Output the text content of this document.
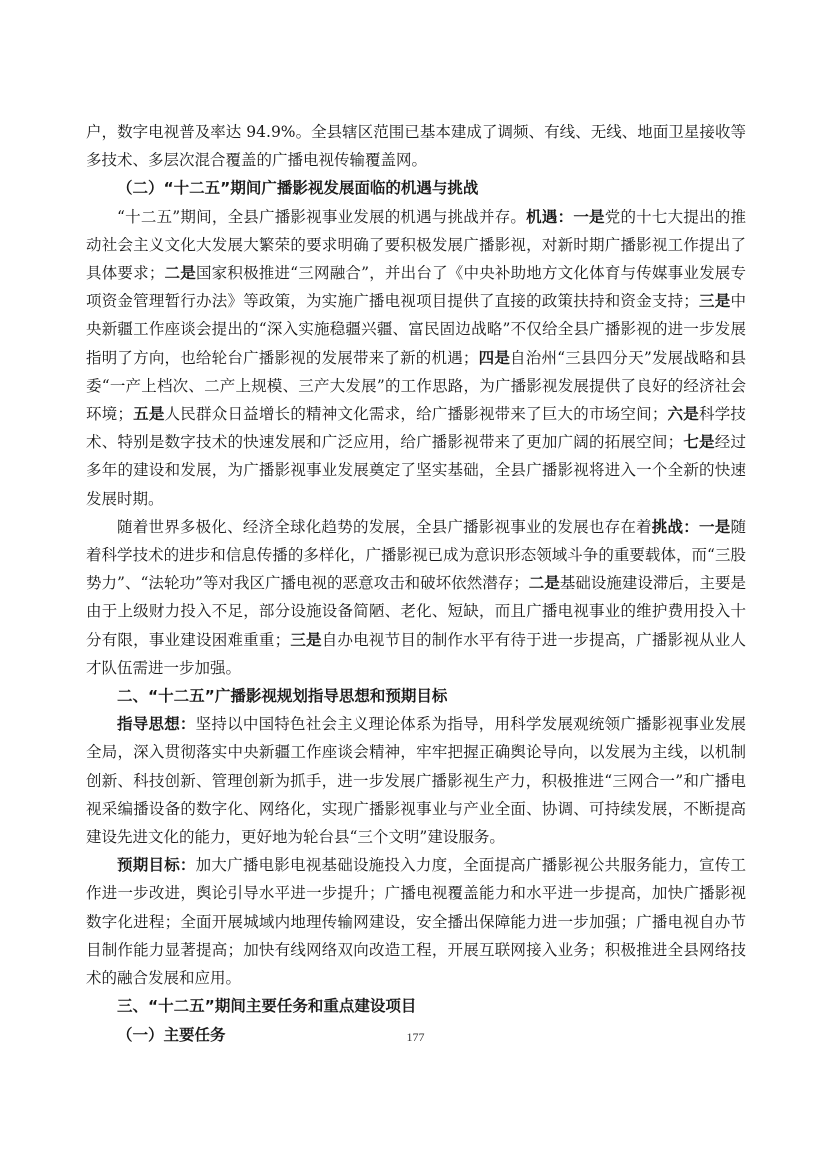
户，数字电视普及率达 94.9%。全县辖区范围已基本建成了调频、有线、无线、地面卫星接收等多技术、多层次混合覆盖的广播电视传输覆盖网。

（二）“十二五”期间广播影视发展面临的机遇与挑战

“十二五”期间，全县广播影视事业发展的机遇与挑战并存。机遇：一是党的十七大提出的推动社会主义文化大发展大繁荣的要求明确了要积极发展广播影视，对新时期广播影视工作提出了具体要求；二是国家积极推进“三网融合”，并出台了《中央补助地方文化体育与传媒事业发展专项资金管理暂行办法》等政策，为实施广播电视项目提供了直接的政策扶持和资金支持；三是中央新疆工作座谈会提出的“深入实施稳疆兴疆、富民固边战略”不仅给全县广播影视的进一步发展指明了方向，也给轮台广播影视的发展带来了新的机遇；四是自治州“三县四分天”发展战略和县委“一产上档次、二产上规模、三产大发展”的工作思路，为广播影视发展提供了良好的经济社会环境；五是人民群众日益增长的精神文化需求，给广播影视带来了巨大的市场空间；六是科学技术、特别是数字技术的快速发展和广泛应用，给广播影视带来了更加广阔的拓展空间；七是经过多年的建设和发展，为广播影视事业发展奠定了坚实基础，全县广播影视将进入一个全新的快速发展时期。

随着世界多极化、经济全球化趋势的发展，全县广播影视事业的发展也存在着挑战：一是随着科学技术的进步和信息传播的多样化，广播影视已成为意识形态领域斗争的重要载体，而“三股势力”、“法轮功”等对我区广播电视的恶意攻击和破坏依然潜存；二是基础设施建设滞后，主要是由于上级财力投入不足，部分设施设备简陋、老化、短缺，而且广播电视事业的维护费用投入十分有限，事业建设困难重重；三是自办电视节目的制作水平有待于进一步提高，广播影视从业人才队伍需进一步加强。

二、“十二五”广播影视规划指导思想和预期目标

指导思想：坚持以中国特色社会主义理论体系为指导，用科学发展观统领广播影视事业发展全局，深入贯彻落实中央新疆工作座谈会精神，牢牢把握正确舆论导向，以发展为主线，以机制创新、科技创新、管理创新为抓手，进一步发展广播影视生产力，积极推进“三网合一”和广播电视采编播设备的数字化、网络化，实现广播影视事业与产业全面、协调、可持续发展，不断提高建设先进文化的能力，更好地为轮台县“三个文明”建设服务。

预期目标：加大广播电影电视基础设施投入力度，全面提高广播影视公共服务能力，宣传工作进一步改进，舆论引导水平进一步提升；广播电视覆盖能力和水平进一步提高，加快广播影视数字化进程；全面开展城域内地理传输网建设，安全播出保障能力进一步加强；广播电视自办节目制作能力显著提高；加快有线网络双向改造工程，开展互联网接入业务；积极推进全县网络技术的融合发展和应用。

三、“十二五”期间主要任务和重点建设项目
（一）主要任务	177
